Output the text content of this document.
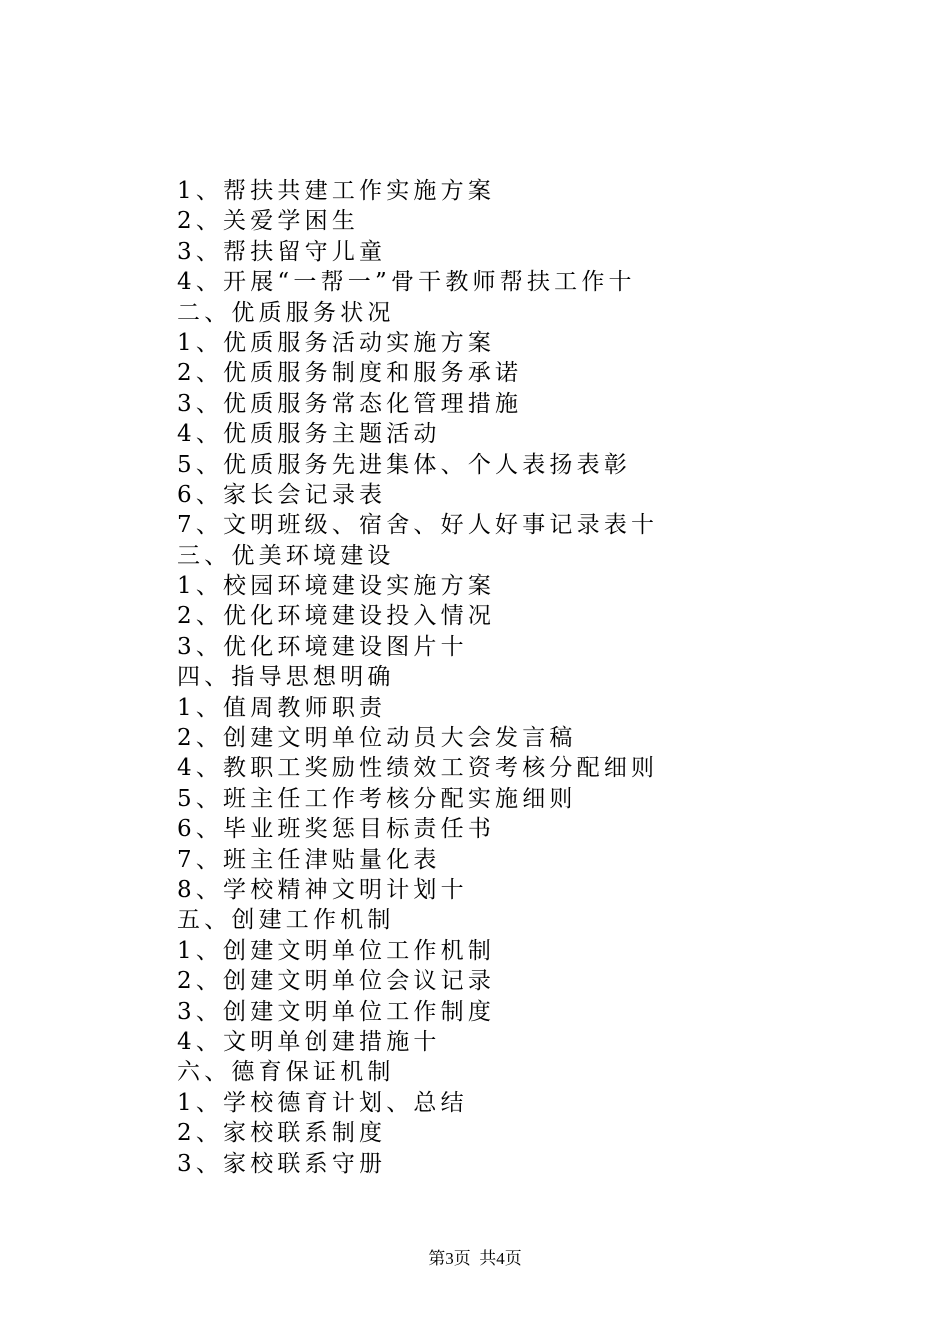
1、帮扶共建工作实施方案
2、关爱学困生
3、帮扶留守儿童
4、开展“一帮一”骨干教师帮扶工作十
二、优质服务状况
1、优质服务活动实施方案
2、优质服务制度和服务承诺
3、优质服务常态化管理措施
4、优质服务主题活动
5、优质服务先进集体、个人表扬表彰
6、家长会记录表
7、文明班级、宿舍、好人好事记录表十
三、优美环境建设
1、校园环境建设实施方案
2、优化环境建设投入情况
3、优化环境建设图片十
四、指导思想明确
1、值周教师职责
2、创建文明单位动员大会发言稿
4、教职工奖励性绩效工资考核分配细则
5、班主任工作考核分配实施细则
6、毕业班奖惩目标责任书
7、班主任津贴量化表
8、学校精神文明计划十
五、创建工作机制
1、创建文明单位工作机制
2、创建文明单位会议记录
3、创建文明单位工作制度
4、文明单创建措施十
六、德育保证机制
1、学校德育计划、总结
2、家校联系制度
3、家校联系守册
第3页  共4页
